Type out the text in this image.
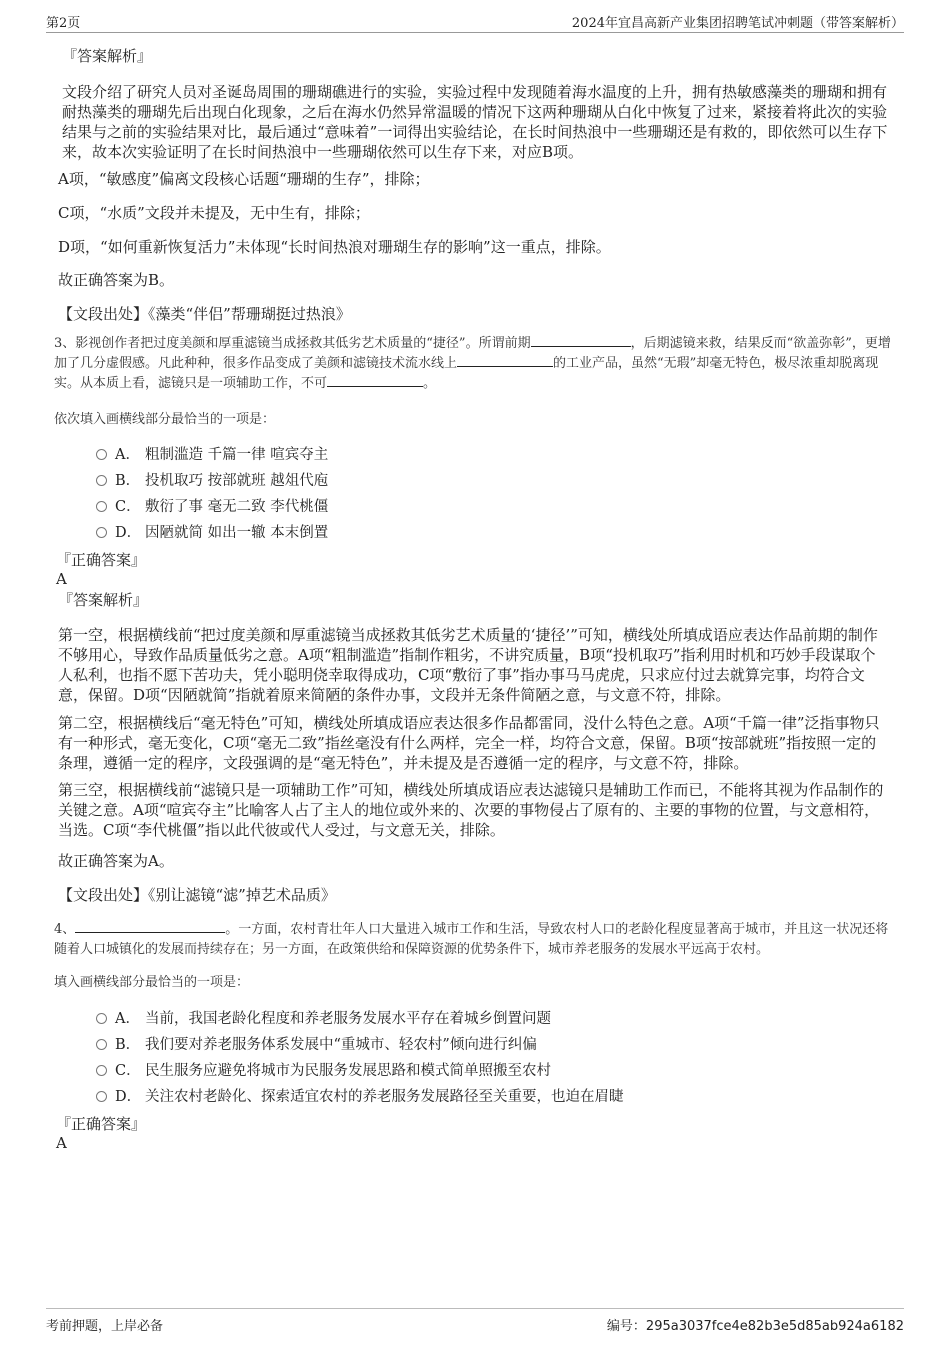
第2页	2024年宜昌高新产业集团招聘笔试冲刺题（带答案解析）
『答案解析』
文段介绍了研究人员对圣诞岛周围的珊瑚礁进行的实验，实验过程中发现随着海水温度的上升，拥有热敏感藻类的珊瑚和拥有耐热藻类的珊瑚先后出现白化现象，之后在海水仍然异常温暖的情况下这两种珊瑚从白化中恢复了过来，紧接着将此次的实验结果与之前的实验结果对比，最后通过“意味着”一词得出实验结论，在长时间热浪中一些珊瑚还是有救的，即依然可以生存下来，故本次实验证明了在长时间热浪中一些珊瑚依然可以生存下来，对应B项。
A项，“敏感度”偏离文段核心话题“珊瑚的生存”，排除；
C项，“水质”文段并未提及，无中生有，排除；
D项，“如何重新恢复活力”未体现“长时间热浪对珊瑚生存的影响”这一重点，排除。
故正确答案为B。
【文段出处】《藻类“伴侣”帮珊瑚挺过热浪》
3、影视创作者把过度美颜和厚重滤镜当成拯救其低劣艺术质量的“捷径”。所谓前期	，后期滤镜来救，结果反而“欲盖弥彰”，更增加了几分虚假感。凡此种种，很多作品变成了美颜和滤镜技术流水线上	的工业产品，虽然“无瑕”却毫无特色，极尽浓重却脱离现实。从本质上看，滤镜只是一项辅助工作，不可	。
依次填入画横线部分最恰当的一项是：
A． 粗制滥造 千篇一律 喧宾夺主
B． 投机取巧 按部就班 越俎代庖
C． 敷衍了事 毫无二致 李代桃僵
D． 因陋就简 如出一辙 本末倒置
『正确答案』
A
『答案解析』
第一空，根据横线前“把过度美颜和厚重滤镜当成拯救其低劣艺术质量的‘捷径’”可知，横线处所填成语应表达作品前期的制作不够用心，导致作品质量低劣之意。A项“粗制滥造”指制作粗劣，不讲究质量，B项“投机取巧”指利用时机和巧妙手段谋取个人私利，也指不愿下苦功夫，凭小聪明侥幸取得成功，C项“敷衍了事”指办事马马虎虎，只求应付过去就算完事，均符合文意，保留。D项“因陋就简”指就着原来简陋的条件办事，文段并无条件简陋之意，与文意不符，排除。
第二空，根据横线后“毫无特色”可知，横线处所填成语应表达很多作品都雷同，没什么特色之意。A项“千篇一律”泛指事物只有一种形式，毫无变化，C项“毫无二致”指丝毫没有什么两样，完全一样，均符合文意，保留。B项“按部就班”指按照一定的条理，遵循一定的程序，文段强调的是“毫无特色”，并未提及是否遵循一定的程序，与文意不符，排除。
第三空，根据横线前“滤镜只是一项辅助工作”可知，横线处所填成语应表达滤镜只是辅助工作而已，不能将其视为作品制作的关键之意。A项“喧宾夺主”比喻客人占了主人的地位或外来的、次要的事物侵占了原有的、主要的事物的位置，与文意相符，当选。C项“李代桃僵”指以此代彼或代人受过，与文意无关，排除。
故正确答案为A。
【文段出处】《别让滤镜“滤”掉艺术品质》
4、	。一方面，农村青壮年人口大量进入城市工作和生活，导致农村人口的老龄化程度显著高于城市，并且这一状况还将随着人口城镇化的发展而持续存在；另一方面，在政策供给和保障资源的优势条件下，城市养老服务的发展水平远高于农村。
填入画横线部分最恰当的一项是：
A． 当前，我国老龄化程度和养老服务发展水平存在着城乡倒置问题
B． 我们要对养老服务体系发展中“重城市、轻农村”倾向进行纠偏
C． 民生服务应避免将城市为民服务发展思路和模式简单照搬至农村
D． 关注农村老龄化、探索适宜农村的养老服务发展路径至关重要，也迫在眉睫
『正确答案』
A
考前押题，上岸必备	编号：295a3037fce4e82b3e5d85ab924a6182
